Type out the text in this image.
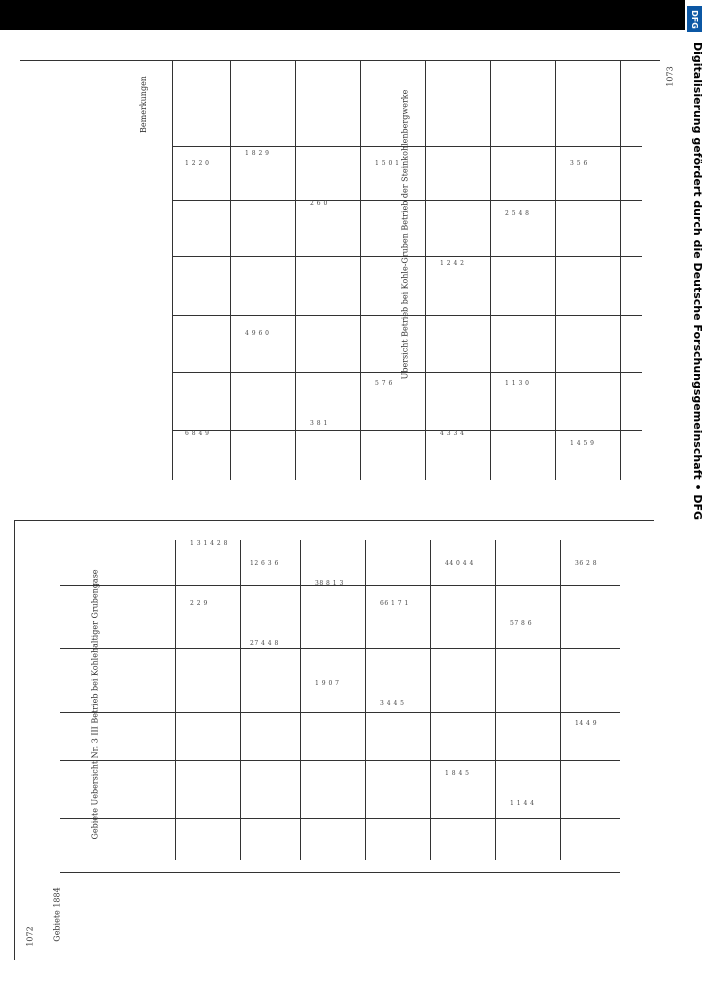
DFG
Digitalisierung gefördert durch die Deutsche Forschungsgemeinschaft • DFG
1072
Gebiete Uebersicht Nr. 3 III Betrieb bei Kohlehaltiger Grubengase
Gebiete 1884
1 3 1 4 2 8
2 2 9
12 6 3 6
27 4 4 8
38 8 1 3
1 9 0 7
66 1 7 1
3 4 4 5
44 0 4 4
1 8 4 5
57 8 6
1 1 4 4
36 2 8
14 4 9
1073
Ubersicht Betrieb bei Kohle-Gruben Betrieb der Steinkohlenbergwerke
Bemerkungen
1 2 2 0
6 8 4 9
1 8 2 9
4 9 6 0
2 6 0
3 8 1
1 5 0 1
5 7 6
1 2 4 2
4 3 3 4
2 5 4 8
1 1 3 0
3 5 6
1 4 5 9
